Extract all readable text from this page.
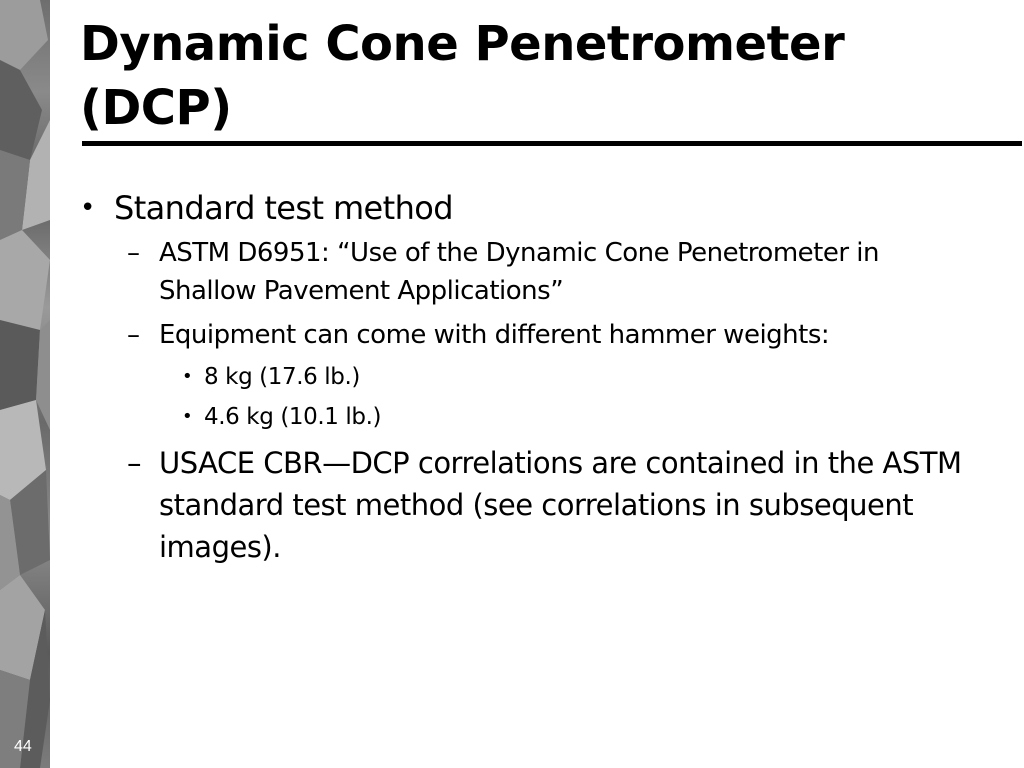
Dynamic Cone Penetrometer (DCP)
• Standard test method
– ASTM D6951: “Use of the Dynamic Cone Penetrometer in Shallow Pavement Applications”
– Equipment can come with different hammer weights:
• 8 kg (17.6 lb.)
• 4.6 kg (10.1 lb.)
– USACE CBR—DCP correlations are contained in the ASTM standard test method (see correlations in subsequent images).
44
